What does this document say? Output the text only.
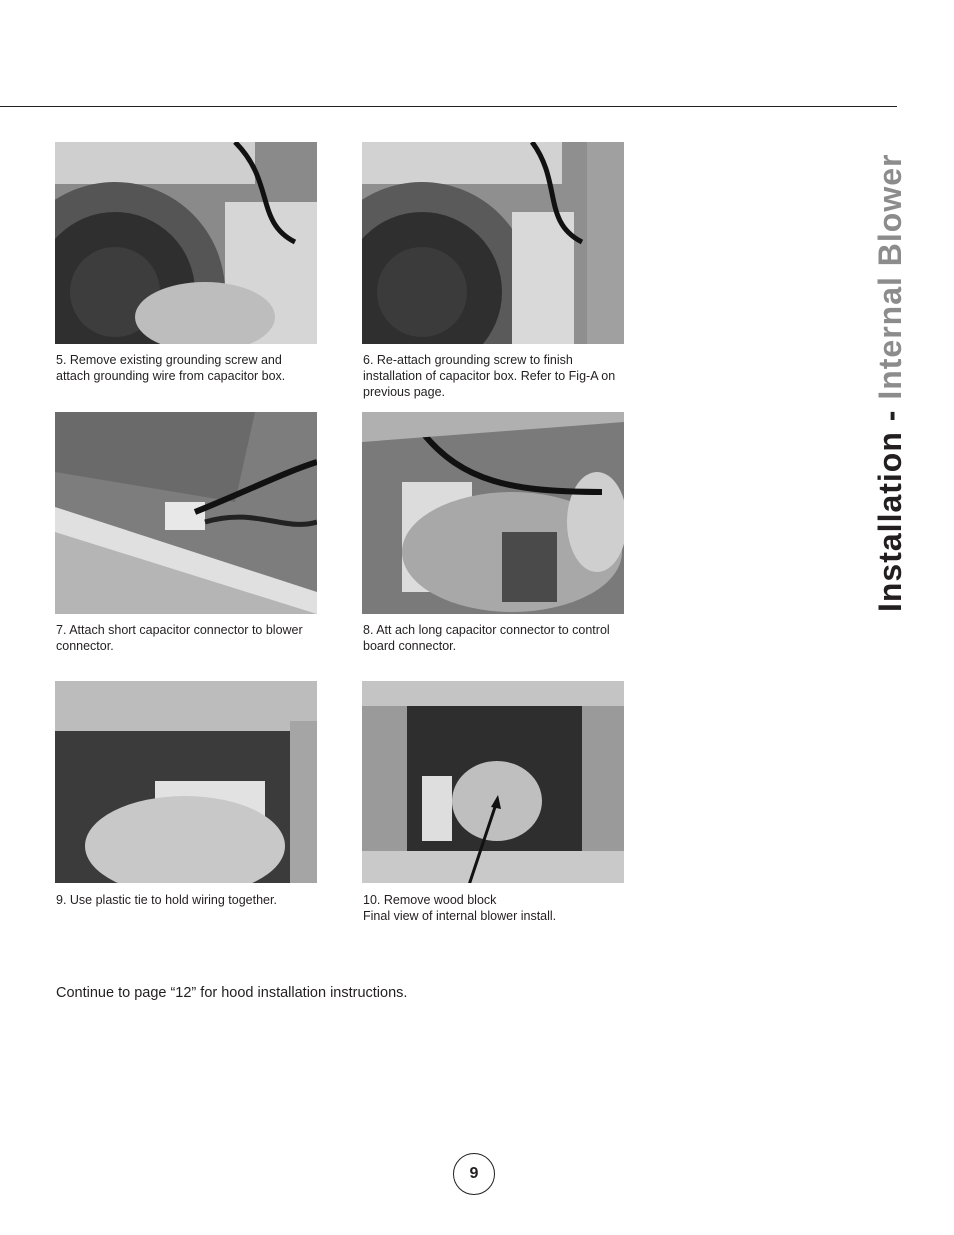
Installation - Internal Blower
5. Remove existing grounding screw and
attach grounding wire from capacitor box.
6. Re-attach grounding screw to finish
installation of capacitor box. Refer to Fig-A on
previous page.
7. Attach short capacitor connector to blower
connector.
8. Att ach long capacitor connector to control
board connector.
9. Use plastic tie to hold wiring together.	10. Remove wood block
Final view of internal blower install.
Continue to page “12” for hood installation instructions.
9
